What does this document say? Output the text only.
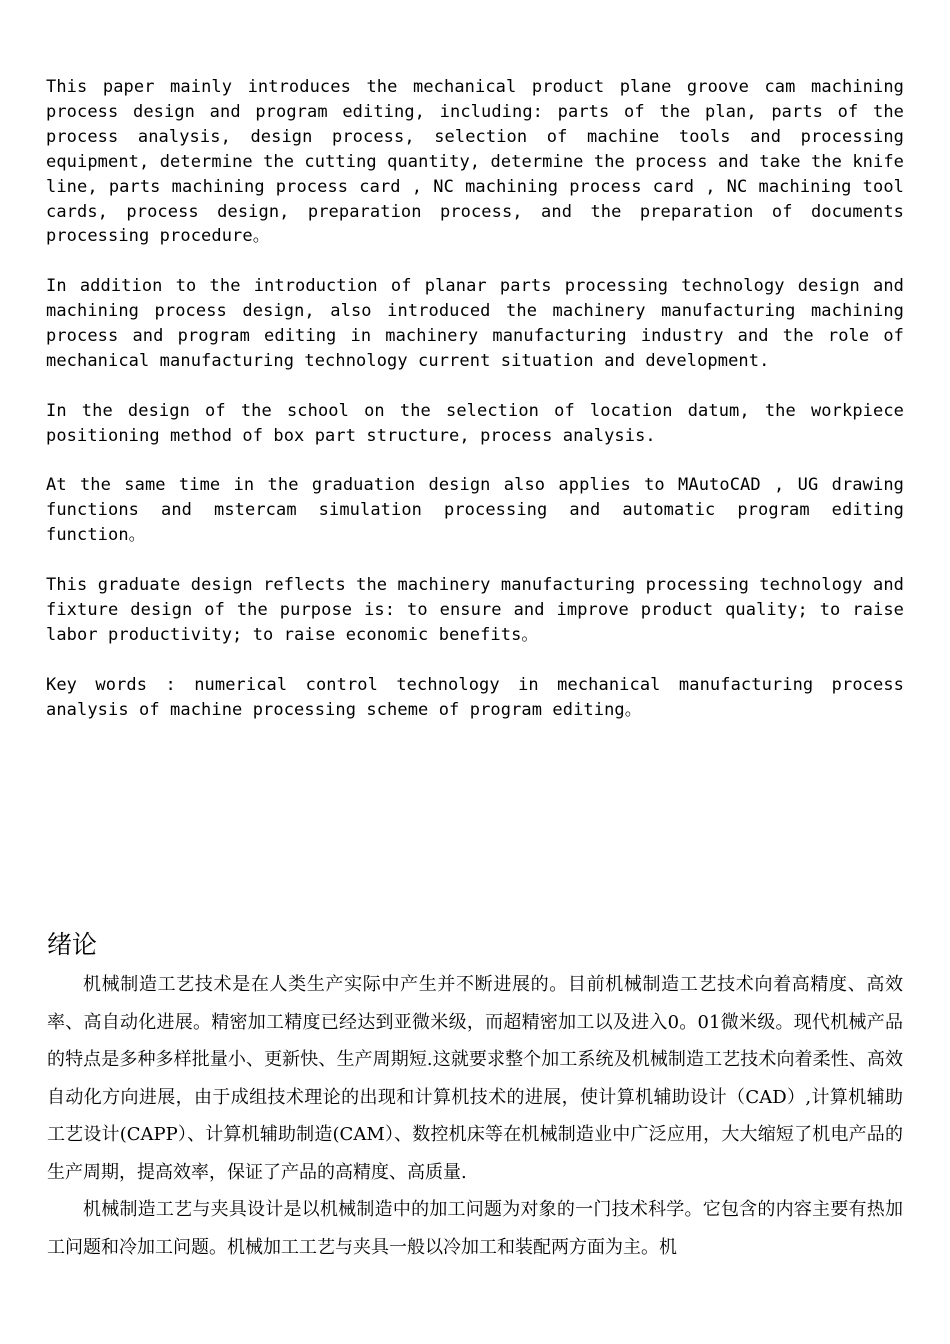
This paper mainly introduces the mechanical product plane groove cam machining process design and program editing, including: parts of the plan, parts of the process analysis, design process, selection of machine tools and processing equipment, determine the cutting quantity, determine the process and take the knife line, parts machining process card , NC machining process card , NC machining tool cards, process design, preparation process, and the preparation of documents processing procedure。

In addition to the introduction of planar parts processing technology design and machining process design, also introduced the machinery manufacturing machining process and program editing in machinery manufacturing industry and the role of mechanical manufacturing technology current situation and development.

In the design of the school on the selection of location datum, the workpiece positioning method of box part structure, process analysis.

At the same time in the graduation design also applies to MAutoCAD , UG drawing functions and mstercam simulation processing and automatic program editing function。

This graduate design reflects the machinery manufacturing processing technology and fixture design of the purpose is: to ensure and improve product quality; to raise labor productivity; to raise economic benefits。

Key words : numerical control technology in mechanical manufacturing process analysis of machine processing scheme of program editing。

绪论

机械制造工艺技术是在人类生产实际中产生并不断进展的。目前机械制造工艺技术向着高精度、高效率、高自动化进展。精密加工精度已经达到亚微米级，而超精密加工以及进入0。01微米级。现代机械产品的特点是多种多样批量小、更新快、生产周期短.这就要求整个加工系统及机械制造工艺技术向着柔性、高效自动化方向进展，由于成组技术理论的出现和计算机技术的进展，使计算机辅助设计（CAD）,计算机辅助工艺设计(CAPP）、计算机辅助制造(CAM）、数控机床等在机械制造业中广泛应用，大大缩短了机电产品的生产周期，提高效率，保证了产品的高精度、高质量.

机械制造工艺与夹具设计是以机械制造中的加工问题为对象的一门技术科学。它包含的内容主要有热加工问题和冷加工问题。机械加工工艺与夹具一般以冷加工和装配两方面为主。机
